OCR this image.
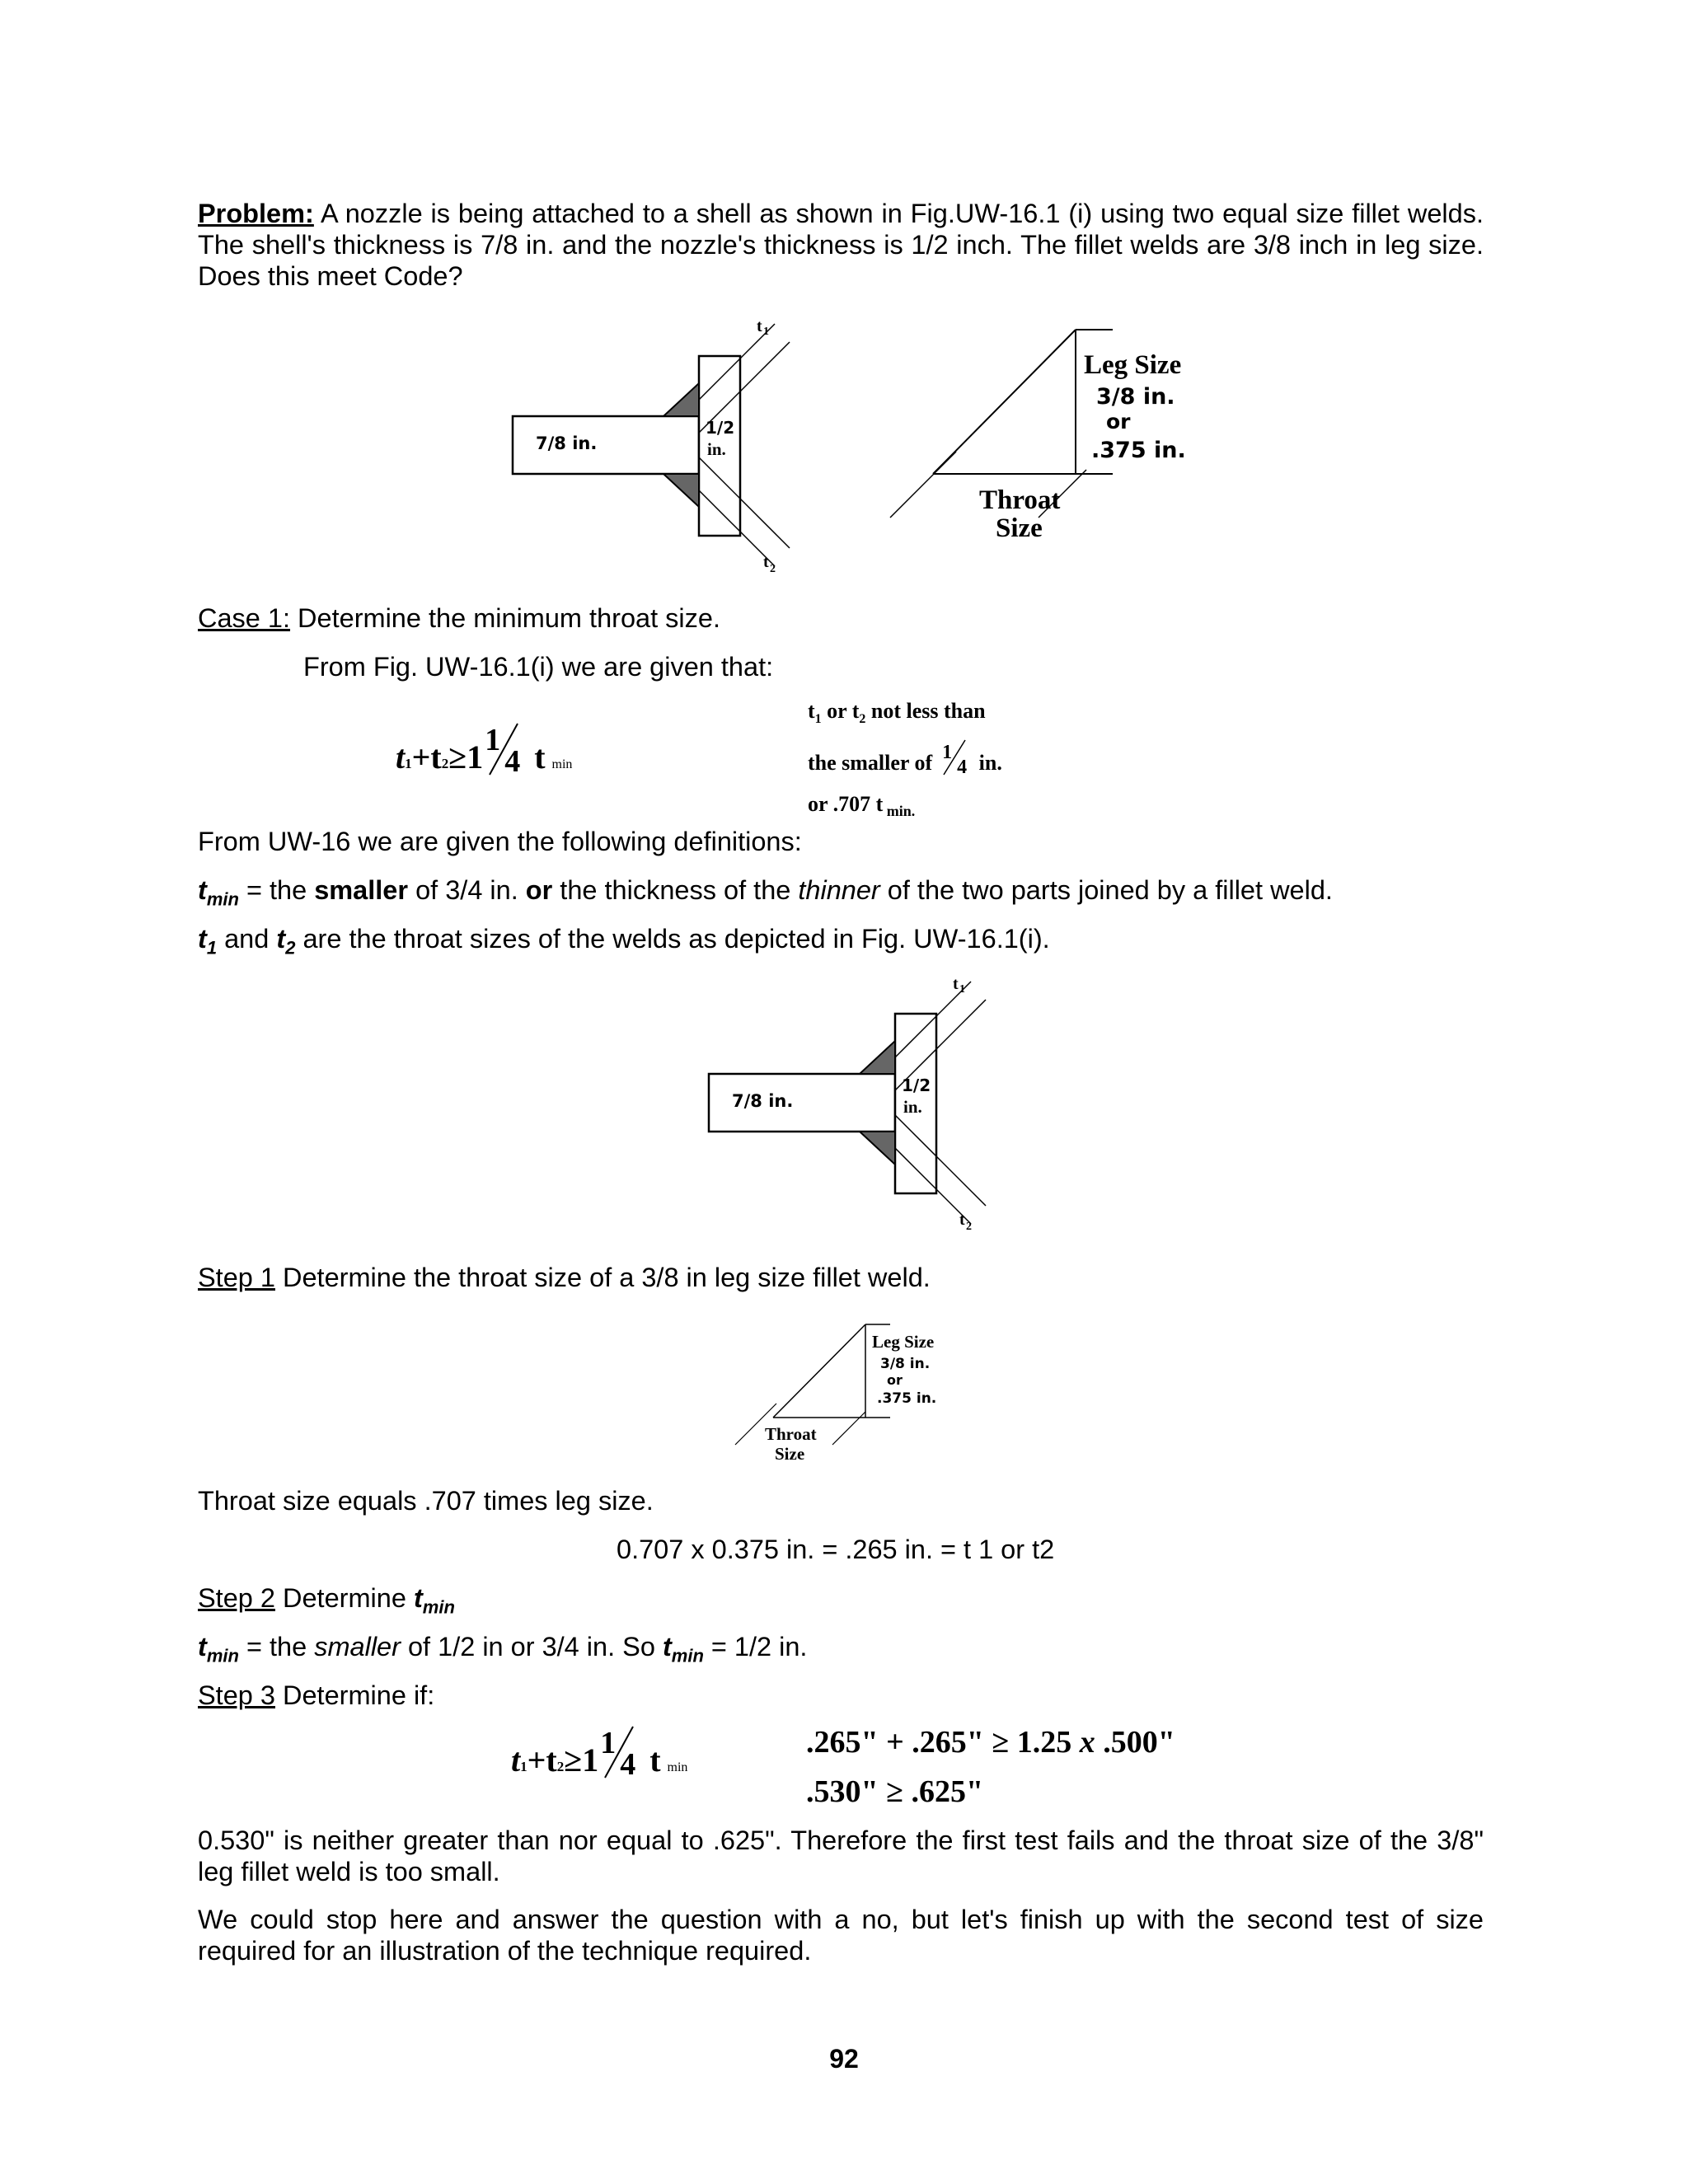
Problem: A nozzle is being attached to a shell as shown in Fig.UW-16.1 (i) using two equal size fillet welds. The shell's thickness is 7/8 in. and the nozzle's thickness is 1/2 inch. The fillet welds are 3/8 inch in leg size. Does this meet Code?

7/8 in.
1/2
in.
t 1
t 2
Leg Size
3/8 in.
or
.375 in.
Throat
Size

Case 1: Determine the minimum throat size.

From Fig. UW-16.1(i) we are given that:

t1+t2≥1 1
4 t min
$t_1$ or $t_2$ not less than
the smaller of 1
4 in.
or .707 t $_{min.}$

From UW-16 we are given the following definitions:

$t_{min}$ = the smaller of 3/4 in. or the thickness of the thinner of the two parts joined by a fillet weld.

$t_1$ and $t_2$ are the throat sizes of the welds as depicted in Fig. UW-16.1(i).

7/8 in.
1/2
in.
t 1
t 2

Step 1 Determine the throat size of a 3/8 in leg size fillet weld.

Leg Size
3/8 in.
or
.375 in.
Throat
Size

Throat size equals .707 times leg size.

0.707 x 0.375 in. = .265 in. = t 1 or t2

Step 2 Determine $t_{min}$

$t_{min}$ = the smaller of 1/2 in or 3/4 in. So $t_{min} = 1/2$ in.

Step 3 Determine if:

t1+t2≥1 1
4 t min
.265" + .265" ≥ 1.25 x .500"
.530" ≥ .625"

0.530" is neither greater than nor equal to .625". Therefore the first test fails and the throat size of the 3/8" leg fillet weld is too small.

We could stop here and answer the question with a no, but let's finish up with the second test of size required for an illustration of the technique required.

92
